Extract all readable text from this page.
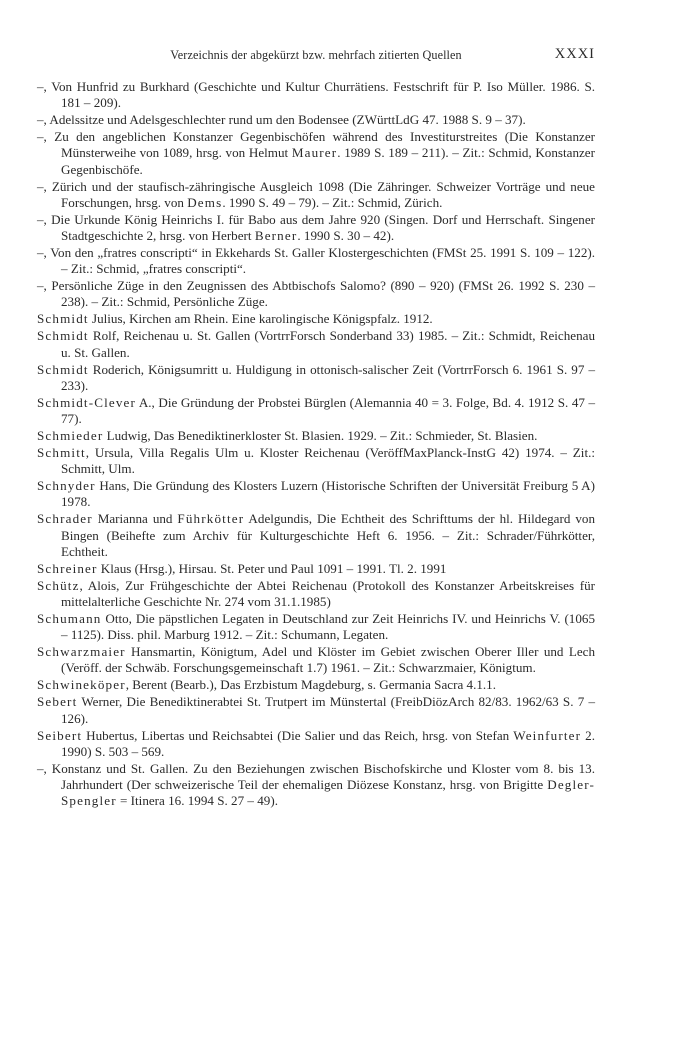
Verzeichnis der abgekürzt bzw. mehrfach zitierten Quellen	XXXI
–, Von Hunfrid zu Burkhard (Geschichte und Kultur Churrätiens. Festschrift für P. Iso Müller. 1986. S. 181 – 209).
–, Adelssitze und Adelsgeschlechter rund um den Bodensee (ZWürttLdG 47. 1988 S. 9 – 37).
–, Zu den angeblichen Konstanzer Gegenbischöfen während des Investiturstreites (Die Konstanzer Münsterweihe von 1089, hrsg. von Helmut Maurer. 1989 S. 189 – 211). – Zit.: Schmid, Konstanzer Gegenbischöfe.
–, Zürich und der staufisch-zähringische Ausgleich 1098 (Die Zähringer. Schweizer Vorträge und neue Forschungen, hrsg. von Dems. 1990 S. 49 – 79). – Zit.: Schmid, Zürich.
–, Die Urkunde König Heinrichs I. für Babo aus dem Jahre 920 (Singen. Dorf und Herrschaft. Singener Stadtgeschichte 2, hrsg. von Herbert Berner. 1990 S. 30 – 42).
–, Von den „fratres conscripti“ in Ekkehards St. Galler Klostergeschichten (FMSt 25. 1991 S. 109 – 122). – Zit.: Schmid, „fratres conscripti“.
–, Persönliche Züge in den Zeugnissen des Abtbischofs Salomo? (890 – 920) (FMSt 26. 1992 S. 230 – 238). – Zit.: Schmid, Persönliche Züge.
Schmidt Julius, Kirchen am Rhein. Eine karolingische Königspfalz. 1912.
Schmidt Rolf, Reichenau u. St. Gallen (VortrrForsch Sonderband 33) 1985. – Zit.: Schmidt, Reichenau u. St. Gallen.
Schmidt Roderich, Königsumritt u. Huldigung in ottonisch-salischer Zeit (VortrrForsch 6. 1961 S. 97 – 233).
Schmidt-Clever A., Die Gründung der Probstei Bürglen (Alemannia 40 = 3. Folge, Bd. 4. 1912 S. 47 – 77).
Schmieder Ludwig, Das Benediktinerkloster St. Blasien. 1929. – Zit.: Schmieder, St. Blasien.
Schmitt, Ursula, Villa Regalis Ulm u. Kloster Reichenau (VeröffMaxPlanck-InstG 42) 1974. – Zit.: Schmitt, Ulm.
Schnyder Hans, Die Gründung des Klosters Luzern (Historische Schriften der Universität Freiburg 5 A) 1978.
Schrader Marianna und Führkötter Adelgundis, Die Echtheit des Schrifttums der hl. Hildegard von Bingen (Beihefte zum Archiv für Kulturgeschichte Heft 6. 1956. – Zit.: Schrader/Führkötter, Echtheit.
Schreiner Klaus (Hrsg.), Hirsau. St. Peter und Paul 1091 – 1991. Tl. 2. 1991
Schütz, Alois, Zur Frühgeschichte der Abtei Reichenau (Protokoll des Konstanzer Arbeitskreises für mittelalterliche Geschichte Nr. 274 vom 31.1.1985)
Schumann Otto, Die päpstlichen Legaten in Deutschland zur Zeit Heinrichs IV. und Heinrichs V. (1065 – 1125). Diss. phil. Marburg 1912. – Zit.: Schumann, Legaten.
Schwarzmaier Hansmartin, Königtum, Adel und Klöster im Gebiet zwischen Oberer Iller und Lech (Veröff. der Schwäb. Forschungsgemeinschaft 1.7) 1961. – Zit.: Schwarzmaier, Königtum.
Schwineköper, Berent (Bearb.), Das Erzbistum Magdeburg, s. Germania Sacra 4.1.1.
Sebert Werner, Die Benediktinerabtei St. Trutpert im Münstertal (FreibDiözArch 82/83. 1962/63 S. 7 – 126).
Seibert Hubertus, Libertas und Reichsabtei (Die Salier und das Reich, hrsg. von Stefan Weinfurter 2. 1990) S. 503 – 569.
–, Konstanz und St. Gallen. Zu den Beziehungen zwischen Bischofskirche und Kloster vom 8. bis 13. Jahrhundert (Der schweizerische Teil der ehemaligen Diözese Konstanz, hrsg. von Brigitte Degler-Spengler = Itinera 16. 1994 S. 27 – 49).
